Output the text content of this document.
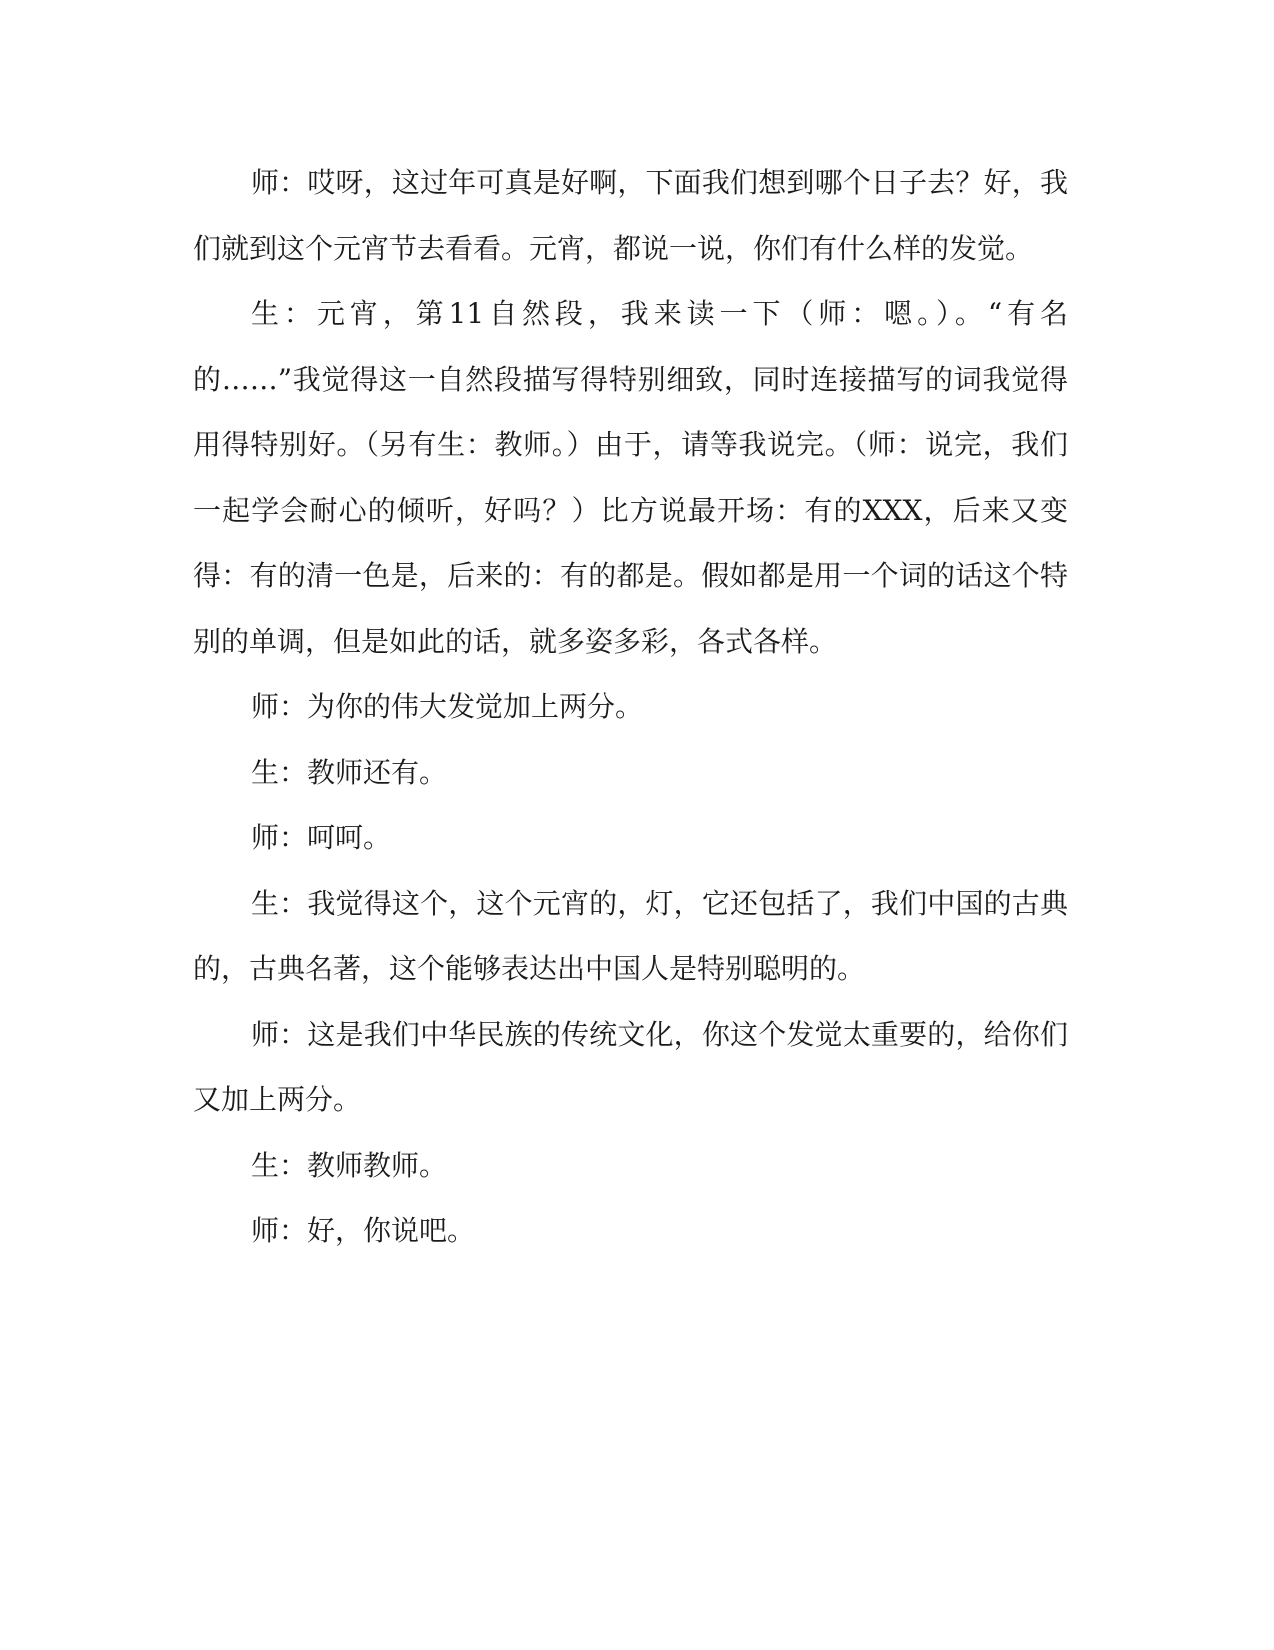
师：哎呀，这过年可真是好啊，下面我们想到哪个日子去？好，我们就到这个元宵节去看看。元宵，都说一说，你们有什么样的发觉。

生：元宵，第11自然段，我来读一下（师：嗯。）。“有名的……”我觉得这一自然段描写得特别细致，同时连接描写的词我觉得用得特别好。（另有生：教师。）由于，请等我说完。（师：说完，我们一起学会耐心的倾听，好吗？）比方说最开场：有的XXX，后来又变得：有的清一色是，后来的：有的都是。假如都是用一个词的话这个特别的单调，但是如此的话，就多姿多彩，各式各样。

师：为你的伟大发觉加上两分。

生：教师还有。

师：呵呵。

生：我觉得这个，这个元宵的，灯，它还包括了，我们中国的古典的，古典名著，这个能够表达出中国人是特别聪明的。

师：这是我们中华民族的传统文化，你这个发觉太重要的，给你们又加上两分。

生：教师教师。

师：好，你说吧。
